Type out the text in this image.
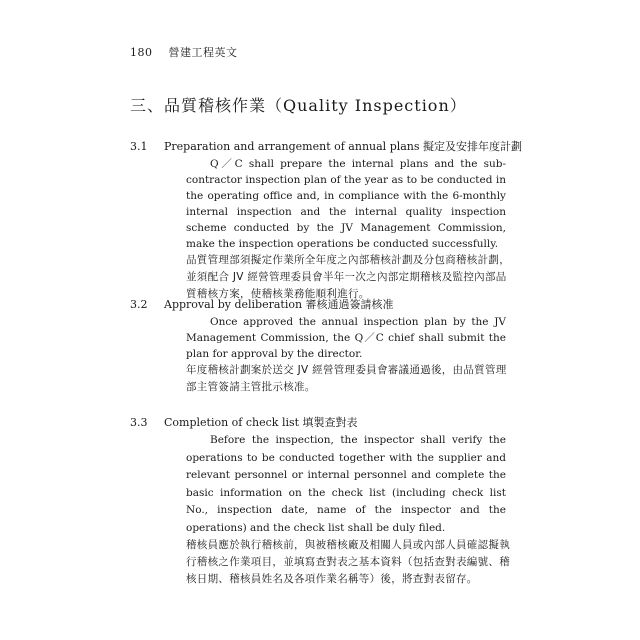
180 營建工程英文
三、品質稽核作業（Quality Inspection）
3.1	Preparation and arrangement of annual plans 擬定及安排年度計劃
Q／C shall prepare the internal plans and the sub-contractor inspection plan of the year as to be conducted in the operating office and, in compliance with the 6-monthly internal inspection and the internal quality inspection scheme conducted by the JV Management Commission, make the inspection operations be conducted successfully.
品質管理部須擬定作業所全年度之內部稽核計劃及分包商稽核計劃，並須配合 JV 經營管理委員會半年一次之內部定期稽核及監控內部品質稽核方案，使稽核業務能順利進行。
3.2	Approval by deliberation 審核通過簽請核准
Once approved the annual inspection plan by the JV Management Commission, the Q／C chief shall submit the plan for approval by the director.
年度稽核計劃案於送交 JV 經營管理委員會審議通過後，由品質管理部主管簽請主管批示核准。
3.3	Completion of check list 填製查對表
Before the inspection, the inspector shall verify the operations to be conducted together with the supplier and relevant personnel or internal personnel and complete the basic information on the check list (including check list No., inspection date, name of the inspector and the operations) and the check list shall be duly filed.
稽核員應於執行稽核前，與被稽核廠及相關人員或內部人員確認擬執行稽核之作業項目，並填寫查對表之基本資料（包括查對表編號、稽核日期、稽核員姓名及各項作業名稱等）後，將查對表留存。
